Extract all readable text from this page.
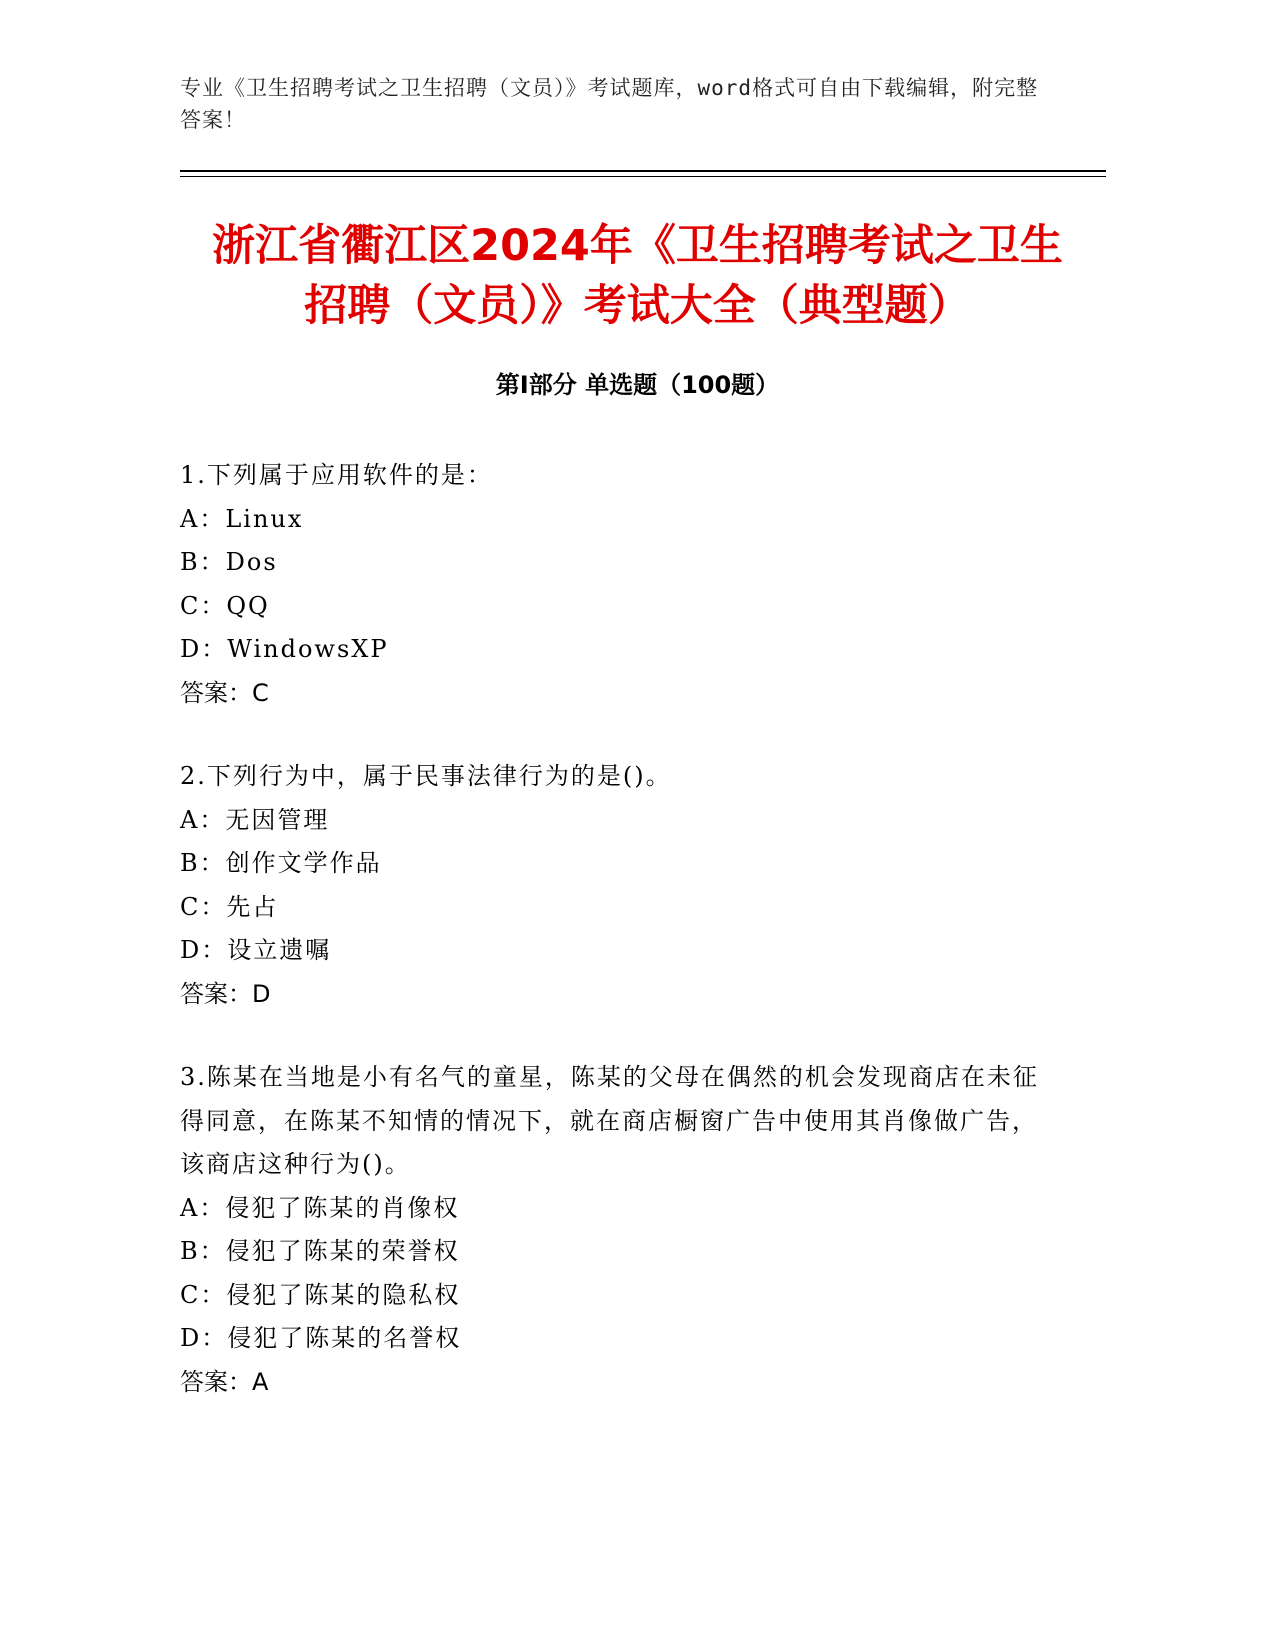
专业《卫生招聘考试之卫生招聘（文员）》考试题库，word格式可自由下载编辑，附完整答案！
浙江省衢江区2024年《卫生招聘考试之卫生
招聘（文员）》考试大全（典型题）
第Ⅰ部分 单选题（100题）
1.下列属于应用软件的是：
A：Linux
B：Dos
C：QQ
D：WindowsXP
答案：C
2.下列行为中，属于民事法律行为的是()。
A：无因管理
B：创作文学作品
C：先占
D：设立遗嘱
答案：D
3.陈某在当地是小有名气的童星，陈某的父母在偶然的机会发现商店在未征得同意，在陈某不知情的情况下，就在商店橱窗广告中使用其肖像做广告，该商店这种行为()。
A：侵犯了陈某的肖像权
B：侵犯了陈某的荣誉权
C：侵犯了陈某的隐私权
D：侵犯了陈某的名誉权
答案：A
